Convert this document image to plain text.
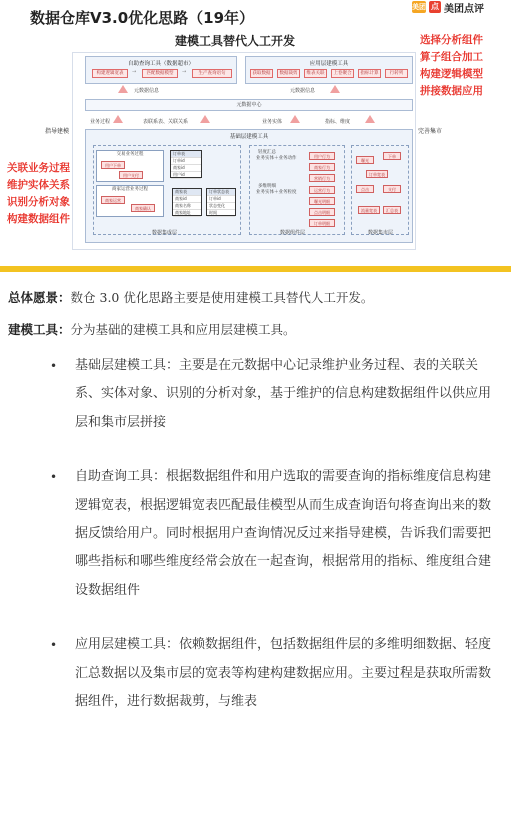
数据仓库V3.0优化思路（19年）
美团 点 美团点评
建模工具替代人工开发	选择分析组件
算子组合加工
构建逻辑模型
拼接数据应用
关联业务过程
维护实体关系
识别分析对象
构建数据组件
自助查询工具（数据超市）
构建逻辑宽表	→	匹配数据模型	→	生产查询语句
应用层建模工具
获取数据	数据裁剪	维表关联	上卷聚合	指标计算	行转列
元数据信息	元数据信息
元数据中心
业务过程	表联系表、关联关系	业务实体	指标、维度
指导建模	完善集市
基础层建模工具
交易业务过程
用户下单
用户支付
商家运营业务过程
商家运营
商家确认
订单表
订单id
商家id
用户id
商家表
商家id
商家名称
商家地址
订单状态表
订单id
状态变化
时间
数据集成层
轻度汇总
业务实体＋业务动作	用户行为
商家行为
营销行为
多维明细
业务实体＋业务粒度	运营行为
曝光明细
点击明细
订单明细
数据组件层
曝光
下单
订单宽表
点击	支付
流量宽表	汇总表
数据集市层
总体愿景：数仓 3.0 优化思路主要是使用建模工具替代人工开发。
建模工具：分为基础的建模工具和应用层建模工具。
• 基础层建模工具：主要是在元数据中心记录维护业务过程、表的关联关系、实体对象、识别的分析对象，基于维护的信息构建数据组件以供应用层和集市层拼接
• 自助查询工具：根据数据组件和用户选取的需要查询的指标维度信息构建逻辑宽表，根据逻辑宽表匹配最佳模型从而生成查询语句将查询出来的数据反馈给用户。同时根据用户查询情况反过来指导建模，告诉我们需要把哪些指标和哪些维度经常会放在一起查询，根据常用的指标、维度组合建设数据组件
• 应用层建模工具：依赖数据组件，包括数据组件层的多维明细数据、轻度汇总数据以及集市层的宽表等构建构建数据应用。主要过程是获取所需数据组件，进行数据裁剪，与维表
